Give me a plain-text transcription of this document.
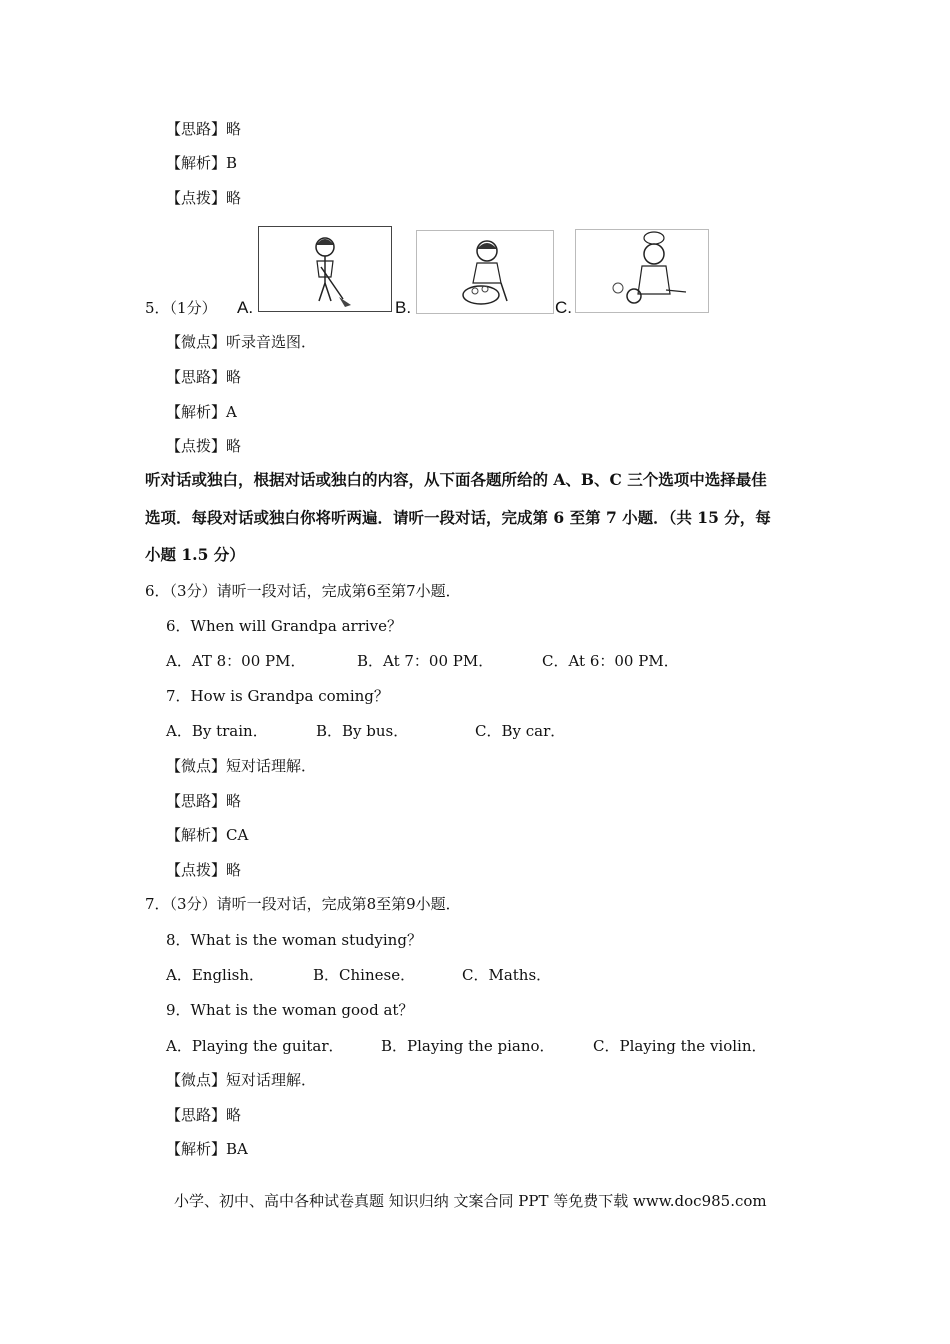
【思路】略
【解析】B
【点拨】略
5．（1分） A.	B.	C.
【微点】听录音选图．
【思路】略
【解析】A
【点拨】略
听对话或独白，根据对话或独白的内容，从下面各题所给的 A、B、C 三个选项中选择最佳
选项．每段对话或独白你将听两遍．请听一段对话，完成第 6 至第 7 小题．（共 15 分，每
小题 1.5 分）
6．（3分）请听一段对话，完成第6至第7小题．
6．When will Grandpa arrive？
A．AT 8：00 PM．	B．At 7：00 PM．	C．At 6：00 PM．
7．How is Grandpa coming？
A．By train．	B．By bus．	C．By car．
【微点】短对话理解．
【思路】略
【解析】CA
【点拨】略
7．（3分）请听一段对话，完成第8至第9小题．
8．What is the woman studying？
A．English．	B．Chinese．	C．Maths．
9．What is the woman good at？
A．Playing the guitar． B．Playing the piano．	C．Playing the violin．
【微点】短对话理解．
【思路】略
【解析】BA
小学、初中、高中各种试卷真题 知识归纳 文案合同 PPT 等免费下载 www.doc985.com
